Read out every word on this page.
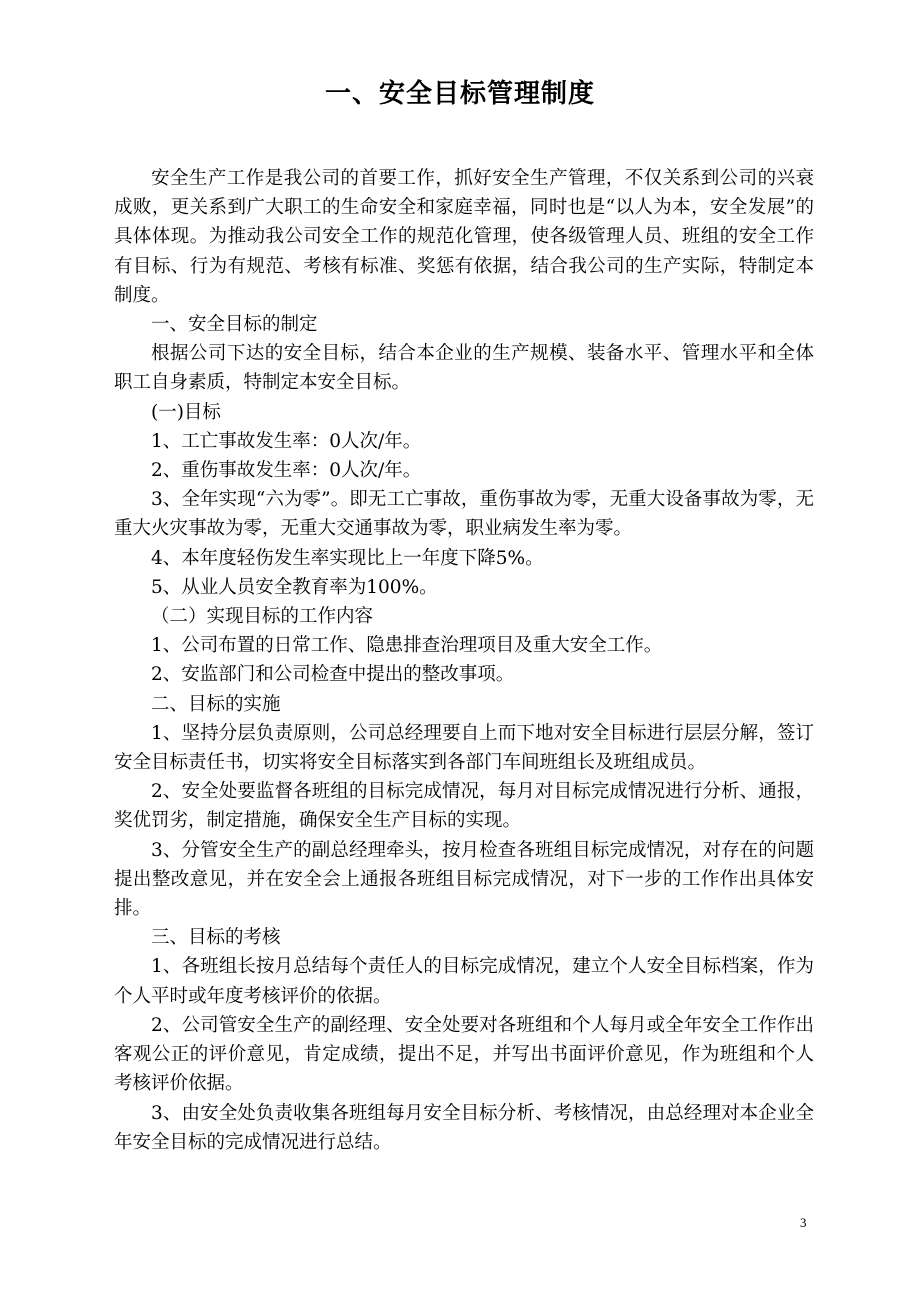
一、安全目标管理制度

安全生产工作是我公司的首要工作，抓好安全生产管理，不仅关系到公司的兴衰成败，更关系到广大职工的生命安全和家庭幸福，同时也是“以人为本，安全发展”的具体体现。为推动我公司安全工作的规范化管理，使各级管理人员、班组的安全工作有目标、行为有规范、考核有标准、奖惩有依据，结合我公司的生产实际，特制定本制度。

一、安全目标的制定

根据公司下达的安全目标，结合本企业的生产规模、装备水平、管理水平和全体职工自身素质，特制定本安全目标。

(一)目标

1、工亡事故发生率：0人次/年。

2、重伤事故发生率：0人次/年。

3、全年实现“六为零”。即无工亡事故，重伤事故为零，无重大设备事故为零，无重大火灾事故为零，无重大交通事故为零，职业病发生率为零。

4、本年度轻伤发生率实现比上一年度下降5%。

5、从业人员安全教育率为100%。

（二）实现目标的工作内容

1、公司布置的日常工作、隐患排查治理项目及重大安全工作。

2、安监部门和公司检查中提出的整改事项。

二、目标的实施

1、坚持分层负责原则，公司总经理要自上而下地对安全目标进行层层分解，签订安全目标责任书，切实将安全目标落实到各部门车间班组长及班组成员。

2、安全处要监督各班组的目标完成情况，每月对目标完成情况进行分析、通报，奖优罚劣，制定措施，确保安全生产目标的实现。

3、分管安全生产的副总经理牵头，按月检查各班组目标完成情况，对存在的问题提出整改意见，并在安全会上通报各班组目标完成情况，对下一步的工作作出具体安排。

三、目标的考核

1、各班组长按月总结每个责任人的目标完成情况，建立个人安全目标档案，作为个人平时或年度考核评价的依据。

2、公司管安全生产的副经理、安全处要对各班组和个人每月或全年安全工作作出客观公正的评价意见，肯定成绩，提出不足，并写出书面评价意见，作为班组和个人考核评价依据。

3、由安全处负责收集各班组每月安全目标分析、考核情况，由总经理对本企业全年安全目标的完成情况进行总结。

3
